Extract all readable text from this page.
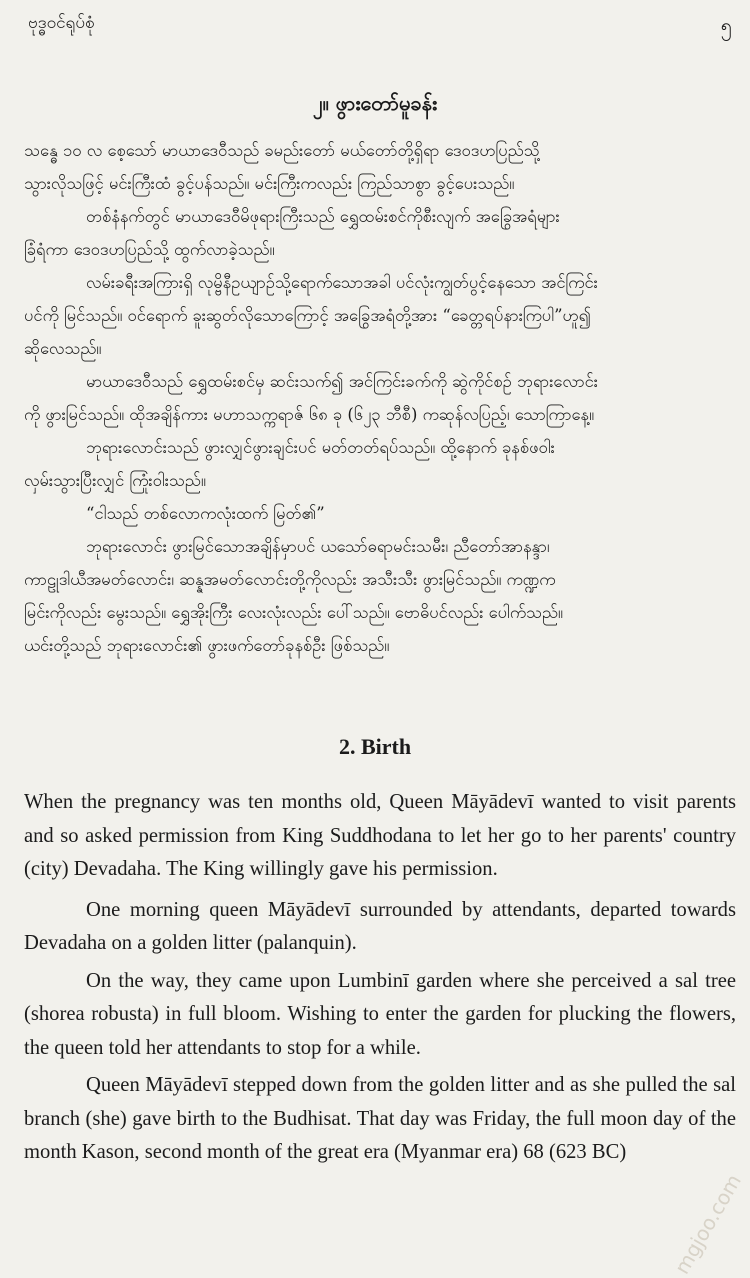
ဗုဒ္ဓဝင်ရုပ်စုံ	၅
၂။ ဖွားတော်မူခန်း

သန္ဓေ ၁၀ လ စေ့သော် မာယာဒေဝီသည် ခမည်းတော် မယ်တော်တို့ရှိရာ ဒေဝဒဟပြည်သို့

သွားလိုသဖြင့် မင်းကြီးထံ ခွင့်ပန်သည်။ မင်းကြီးကလည်း ကြည်သာစွာ ခွင့်ပေးသည်။

တစ်နံနက်တွင် မာယာဒေဝီမိဖုရားကြီးသည် ရွှေထမ်းစင်ကိုစီးလျက် အခြွေအရံများ

ခြံရံကာ ဒေဝဒဟပြည်သို့ ထွက်လာခဲ့သည်။

လမ်းခရီးအကြားရှိ လုမ္ဗိနီဥယျာဉ်သို့ရောက်သောအခါ ပင်လုံးကျွတ်ပွင့်နေသော အင်ကြင်း

ပင်ကို မြင်သည်။ ဝင်ရောက် ခူးဆွတ်လိုသောကြောင့် အခြွေအရံတို့အား “ခေတ္တရပ်နားကြပါ”ဟူ၍

ဆိုလေသည်။

မာယာဒေဝီသည် ရွှေထမ်းစင်မှ ဆင်းသက်၍ အင်ကြင်းခက်ကို ဆွဲကိုင်စဉ် ဘုရားလောင်း

ကို ဖွားမြင်သည်။ ထိုအချိန်ကား မဟာသက္ကရာဇ် ၆၈ ခု (၆၂၃ ဘီစီ) ကဆုန်လပြည့်၊ သောကြာနေ့။

ဘုရားလောင်းသည် ဖွားလျှင်ဖွားချင်းပင် မတ်တတ်ရပ်သည်။ ထို့နောက် ခုနစ်ဖဝါး

လှမ်းသွားပြီးလျှင် ကြုံးဝါးသည်။

“ငါသည် တစ်လောကလုံးထက် မြတ်၏”

ဘုရားလောင်း ဖွားမြင်သောအချိန်မှာပင် ယသော်ဓရာမင်းသမီး၊ ညီတော်အာနန္ဒာ၊

ကာဠုဒါယီအမတ်လောင်း၊ ဆန္နအမတ်လောင်းတို့ကိုလည်း အသီးသီး ဖွားမြင်သည်။ ကဏ္ဍက

မြင်းကိုလည်း မွေးသည်။ ရွှေအိုးကြီး လေးလုံးလည်း ပေါ်သည်။ ဗောဓိပင်လည်း ပေါက်သည်။

ယင်းတို့သည် ဘုရားလောင်း၏ ဖွားဖက်တော်ခုနစ်ဦး ဖြစ်သည်။

2. Birth

When the pregnancy was ten months old, Queen Māyādevī wanted to visit parents and so asked permission from King Suddhodana to let her go to her parents' country (city) Devadaha. The King willingly gave his permission.

One morning queen Māyādevī surrounded by attendants, departed towards Devadaha on a golden litter (palanquin).

On the way, they came upon Lumbinī garden where she perceived a sal tree (shorea robusta) in full bloom. Wishing to enter the garden for plucking the flowers, the queen told her attendants to stop for a while.

Queen Māyādevī stepped down from the golden litter and as she pulled the sal branch (she) gave birth to the Budhisat. That day was Friday, the full moon day of the month Kason, second month of the great era (Myanmar era) 68 (623 BC)

mgjoo.com
